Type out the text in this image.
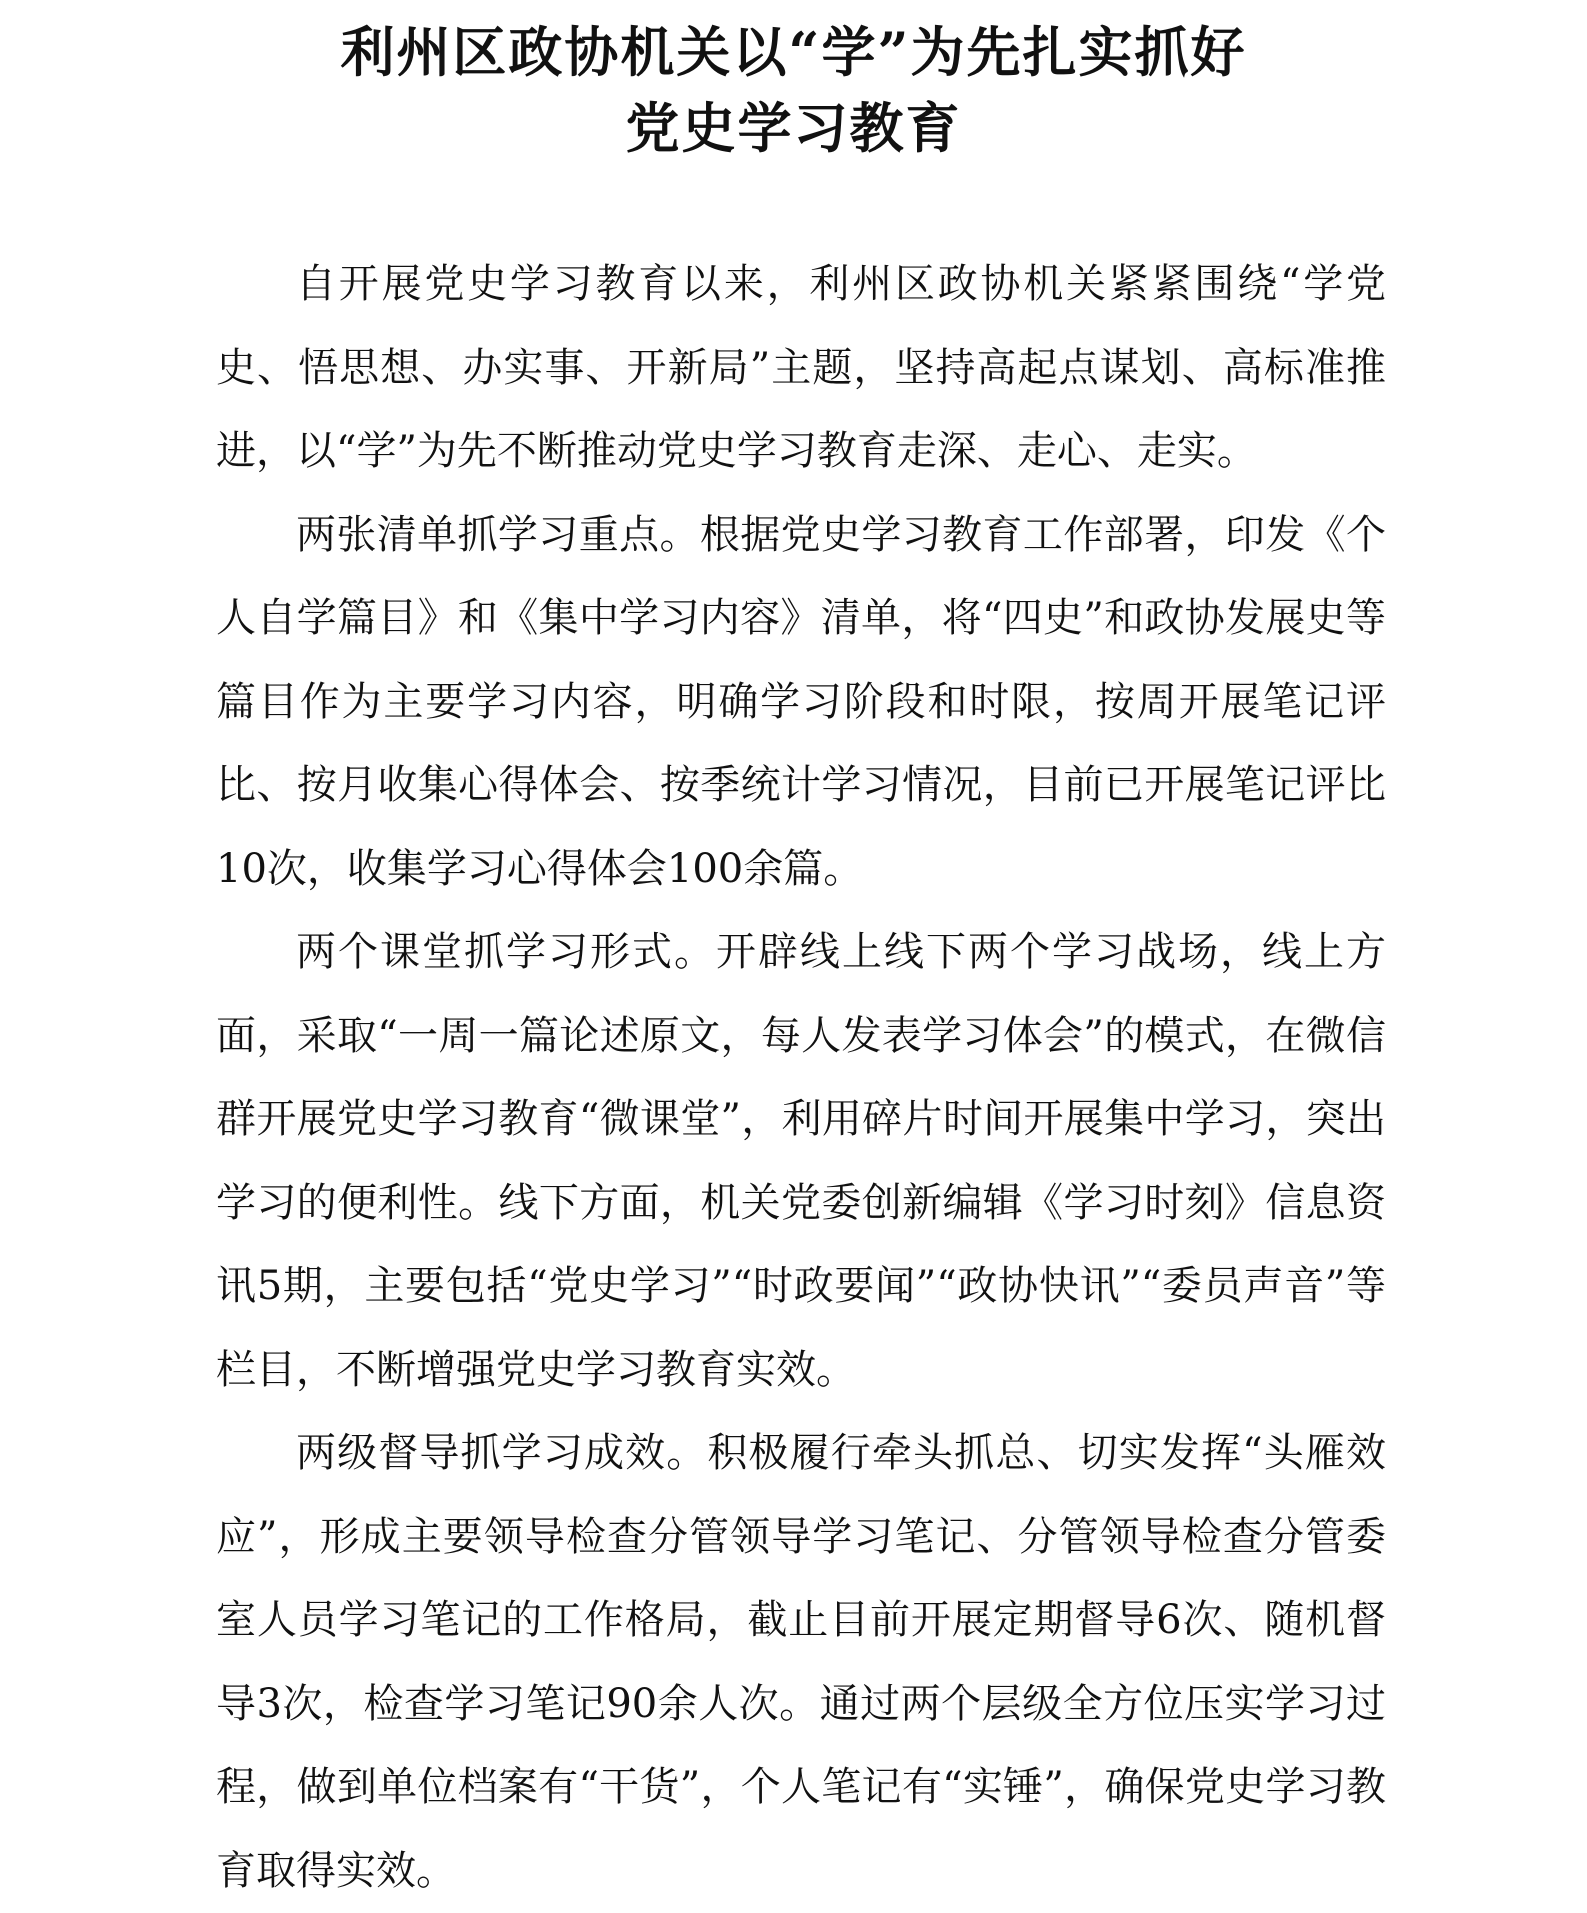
利州区政协机关以“学”为先扎实抓好
党史学习教育

自开展党史学习教育以来，利州区政协机关紧紧围绕“学党史、悟思想、办实事、开新局”主题，坚持高起点谋划、高标准推进，以“学”为先不断推动党史学习教育走深、走心、走实。

两张清单抓学习重点。根据党史学习教育工作部署，印发《个人自学篇目》和《集中学习内容》清单，将“四史”和政协发展史等篇目作为主要学习内容，明确学习阶段和时限，按周开展笔记评比、按月收集心得体会、按季统计学习情况，目前已开展笔记评比10次，收集学习心得体会100余篇。

两个课堂抓学习形式。开辟线上线下两个学习战场，线上方面，采取“一周一篇论述原文，每人发表学习体会”的模式，在微信群开展党史学习教育“微课堂”，利用碎片时间开展集中学习，突出学习的便利性。线下方面，机关党委创新编辑《学习时刻》信息资讯5期，主要包括“党史学习”“时政要闻”“政协快讯”“委员声音”等栏目，不断增强党史学习教育实效。

两级督导抓学习成效。积极履行牵头抓总、切实发挥“头雁效应”，形成主要领导检查分管领导学习笔记、分管领导检查分管委室人员学习笔记的工作格局，截止目前开展定期督导6次、随机督导3次，检查学习笔记90余人次。通过两个层级全方位压实学习过程，做到单位档案有“干货”，个人笔记有“实锤”，确保党史学习教育取得实效。
